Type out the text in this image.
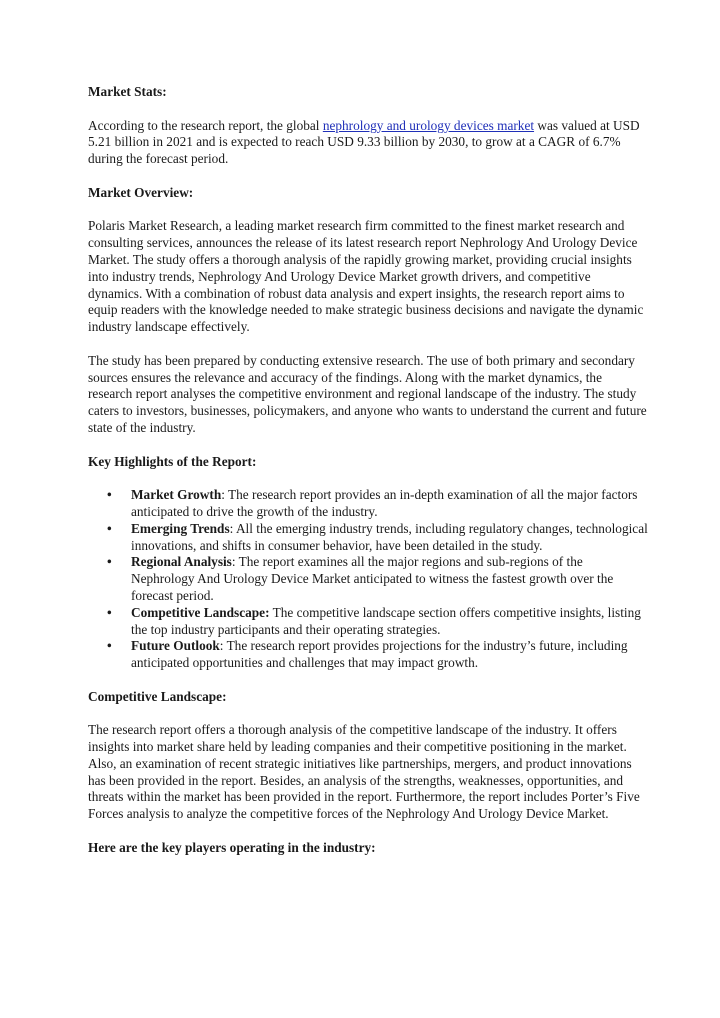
Market Stats:

According to the research report, the global nephrology and urology devices market was valued at USD 5.21 billion in 2021 and is expected to reach USD 9.33 billion by 2030, to grow at a CAGR of 6.7% during the forecast period.

Market Overview:

Polaris Market Research, a leading market research firm committed to the finest market research and consulting services, announces the release of its latest research report Nephrology And Urology Device Market. The study offers a thorough analysis of the rapidly growing market, providing crucial insights into industry trends, Nephrology And Urology Device Market growth drivers, and competitive dynamics. With a combination of robust data analysis and expert insights, the research report aims to equip readers with the knowledge needed to make strategic business decisions and navigate the dynamic industry landscape effectively.

The study has been prepared by conducting extensive research. The use of both primary and secondary sources ensures the relevance and accuracy of the findings. Along with the market dynamics, the research report analyses the competitive environment and regional landscape of the industry. The study caters to investors, businesses, policymakers, and anyone who wants to understand the current and future state of the industry.

Key Highlights of the Report:
• Market Growth: The research report provides an in-depth examination of all the major factors anticipated to drive the growth of the industry.
• Emerging Trends: All the emerging industry trends, including regulatory changes, technological innovations, and shifts in consumer behavior, have been detailed in the study.
• Regional Analysis: The report examines all the major regions and sub-regions of the Nephrology And Urology Device Market anticipated to witness the fastest growth over the forecast period.
• Competitive Landscape: The competitive landscape section offers competitive insights, listing the top industry participants and their operating strategies.
• Future Outlook: The research report provides projections for the industry’s future, including anticipated opportunities and challenges that may impact growth.
Competitive Landscape:

The research report offers a thorough analysis of the competitive landscape of the industry. It offers insights into market share held by leading companies and their competitive positioning in the market. Also, an examination of recent strategic initiatives like partnerships, mergers, and product innovations has been provided in the report. Besides, an analysis of the strengths, weaknesses, opportunities, and threats within the market has been provided in the report. Furthermore, the report includes Porter’s Five Forces analysis to analyze the competitive forces of the Nephrology And Urology Device Market.

Here are the key players operating in the industry:
